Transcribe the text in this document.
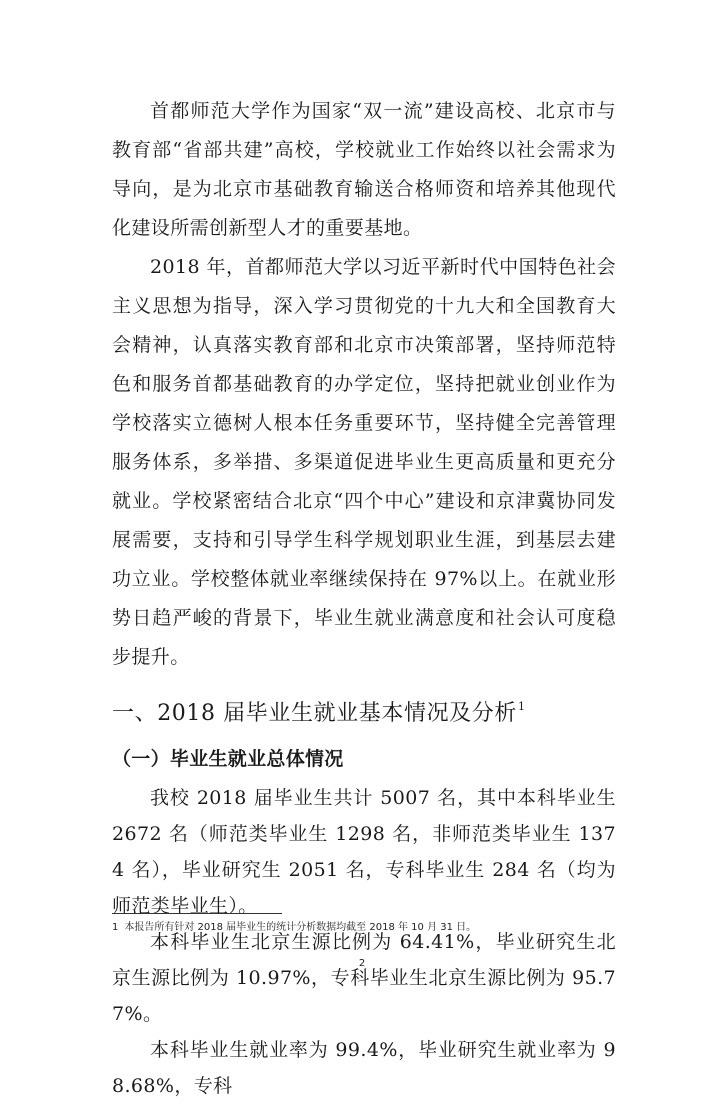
首都师范大学作为国家“双一流”建设高校、北京市与教育部“省部共建”高校，学校就业工作始终以社会需求为导向，是为北京市基础教育输送合格师资和培养其他现代化建设所需创新型人才的重要基地。

2018 年，首都师范大学以习近平新时代中国特色社会主义思想为指导，深入学习贯彻党的十九大和全国教育大会精神，认真落实教育部和北京市决策部署，坚持师范特色和服务首都基础教育的办学定位，坚持把就业创业作为学校落实立德树人根本任务重要环节，坚持健全完善管理服务体系，多举措、多渠道促进毕业生更高质量和更充分就业。学校紧密结合北京“四个中心”建设和京津冀协同发展需要，支持和引导学生科学规划职业生涯，到基层去建功立业。学校整体就业率继续保持在 97%以上。在就业形势日趋严峻的背景下，毕业生就业满意度和社会认可度稳步提升。

一、2018 届毕业生就业基本情况及分析$^1$
（一）毕业生就业总体情况

我校 2018 届毕业生共计 5007 名，其中本科毕业生 2672 名（师范类毕业生 1298 名，非师范类毕业生 1374 名），毕业研究生 2051 名，专科毕业生 284 名（均为师范类毕业生）。

本科毕业生北京生源比例为 64.41%，毕业研究生北京生源比例为 10.97%，专科毕业生北京生源比例为 95.77%。

本科毕业生就业率为 99.4%，毕业研究生就业率为 98.68%，专科

1 本报告所有针对 2018 届毕业生的统计分析数据均截至 2018 年 10 月 31 日。
2
